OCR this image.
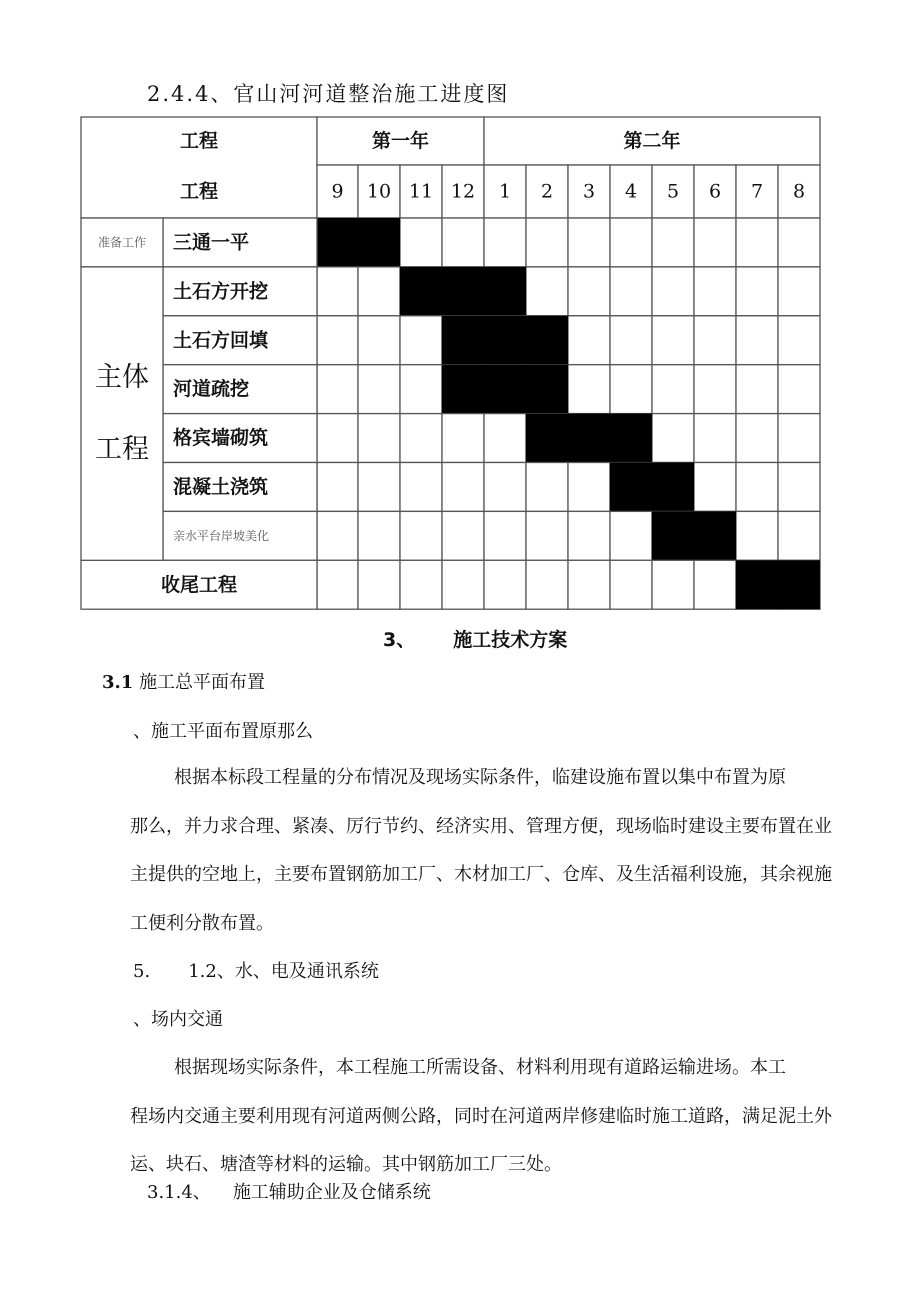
2.4.4、官山河河道整治施工进度图
工程
工程
第一年	第二年
9 10 11 12 1 2 3 4 5 6 7 8
三通一平
土石方开挖
土石方回填
河道疏挖
格宾墙砌筑
混凝土浇筑
亲水平台岸坡美化
收尾工程
准备工作
主体
工程
3、 施工技术方案
3.1 施工总平面布置
、施工平面布置原那么
根据本标段工程量的分布情况及现场实际条件，临建设施布置以集中布置为原
那么，并力求合理、紧凑、厉行节约、经济实用、管理方便，现场临时建设主要布置在业主提供的空地上，主要布置钢筋加工厂、木材加工厂、仓库、及生活福利设施，其余视施工便利分散布置。
5. 1.2、水、电及通讯系统
、场内交通
根据现场实际条件，本工程施工所需设备、材料利用现有道路运输进场。本工
程场内交通主要利用现有河道两侧公路，同时在河道两岸修建临时施工道路，满足泥土外运、块石、塘渣等材料的运输。其中钢筋加工厂三处。
3.1.4、 施工辅助企业及仓储系统
